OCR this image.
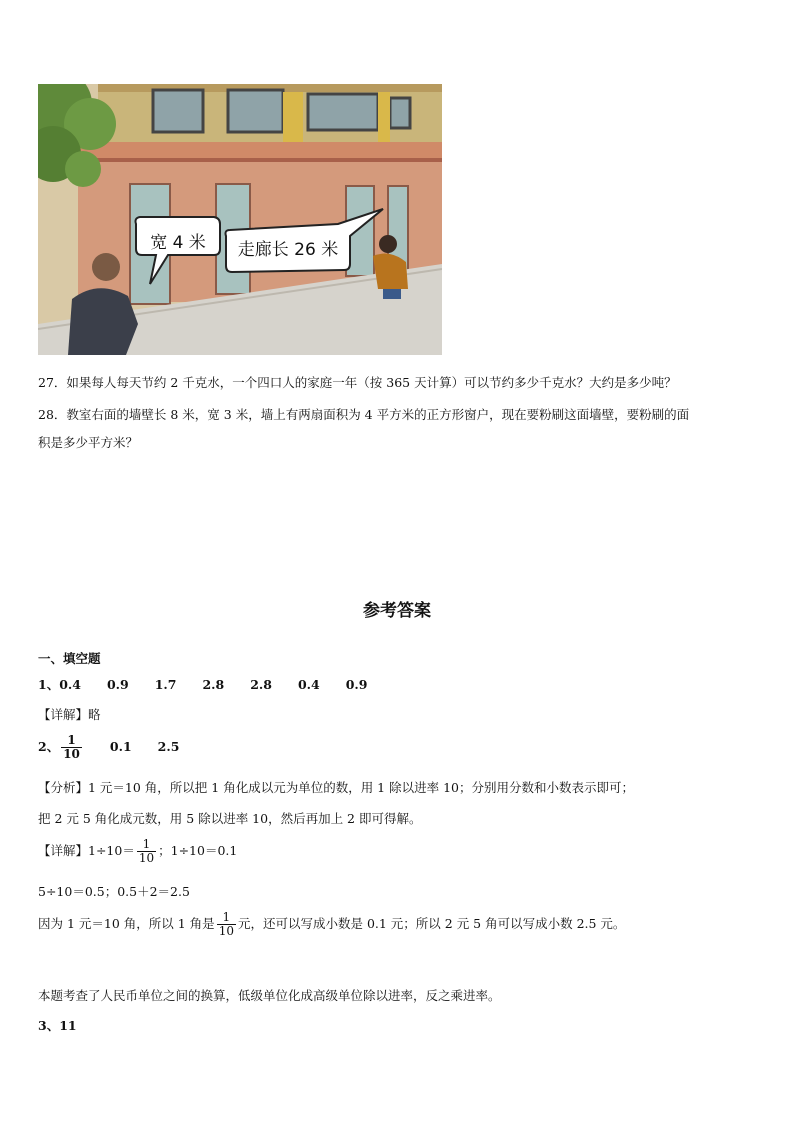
宽 4 米 走廊长 26 米
27．如果每人每天节约 2 千克水，一个四口人的家庭一年（按 365 天计算）可以节约多少千克水？大约是多少吨？
28．教室右面的墙壁长 8 米，宽 3 米，墙上有两扇面积为 4 平方米的正方形窗户，现在要粉刷这面墙壁，要粉刷的面
积是多少平方米？
参考答案
一、填空题
1、0.4 0.9 1.7 2.8 2.8 0.4 0.9
【详解】略
2、 $\frac{1}{10} 0.1$ 2.5
【分析】1 元＝10 角，所以把 1 角化成以元为单位的数，用 1 除以进率 10；分别用分数和小数表示即可；
把 2 元 5 角化成元数，用 5 除以进率 10，然后再加上 2 即可得解。
【详解】$1\div 10= \frac{1}{10}$ ；1÷10＝0.1
5÷10＝0.5；0.5＋2＝2.5
因为 1 元＝10 角，所以 1 角是 $\frac{1}{10}$ 元，还可以写成小数是 0.1 元；所以 2 元 5 角可以写成小数 2.5 元。
本题考查了人民币单位之间的换算，低级单位化成高级单位除以进率，反之乘进率。
3、11
